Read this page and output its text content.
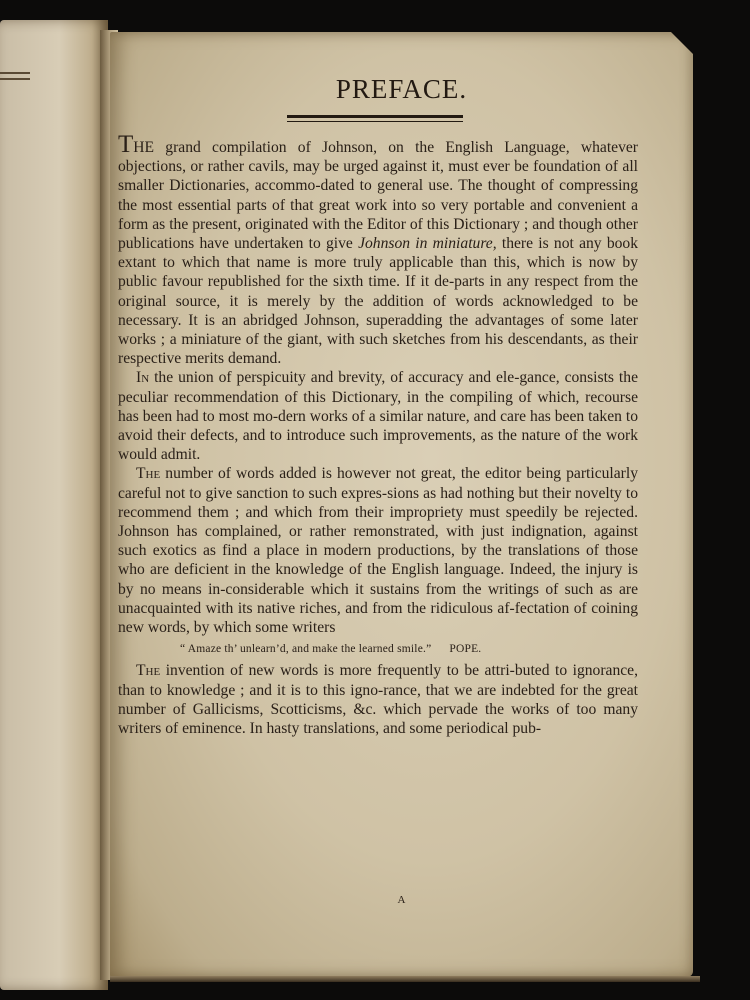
PREFACE.

THE grand compilation of Johnson, on the English Language, whatever objections, or rather cavils, may be urged against it, must ever be foundation of all smaller Dictionaries, accommo-dated to general use. The thought of compressing the most essential parts of that great work into so very portable and convenient a form as the present, originated with the Editor of this Dictionary ; and though other publications have undertaken to give Johnson in miniature, there is not any book extant to which that name is more truly applicable than this, which is now by public favour republished for the sixth time. If it de-parts in any respect from the original source, it is merely by the addition of words acknowledged to be necessary. It is an abridged Johnson, superadding the advantages of some later works ; a miniature of the giant, with such sketches from his descendants, as their respective merits demand.

In the union of perspicuity and brevity, of accuracy and ele-gance, consists the peculiar recommendation of this Dictionary, in the compiling of which, recourse has been had to most mo-dern works of a similar nature, and care has been taken to avoid their defects, and to introduce such improvements, as the nature of the work would admit.

The number of words added is however not great, the editor being particularly careful not to give sanction to such expres-sions as had nothing but their novelty to recommend them ; and which from their impropriety must speedily be rejected. Johnson has complained, or rather remonstrated, with just indignation, against such exotics as find a place in modern productions, by the translations of those who are deficient in the knowledge of the English language. Indeed, the injury is by no means in-considerable which it sustains from the writings of such as are unacquainted with its native riches, and from the ridiculous af-fectation of coining new words, by which some writers

“ Amaze th’ unlearn’d, and make the learned smile.” POPE.

The invention of new words is more frequently to be attri-buted to ignorance, than to knowledge ; and it is to this igno-rance, that we are indebted for the great number of Gallicisms, Scotticisms, &c. which pervade the works of too many writers of eminence. In hasty translations, and some periodical pub-

A
